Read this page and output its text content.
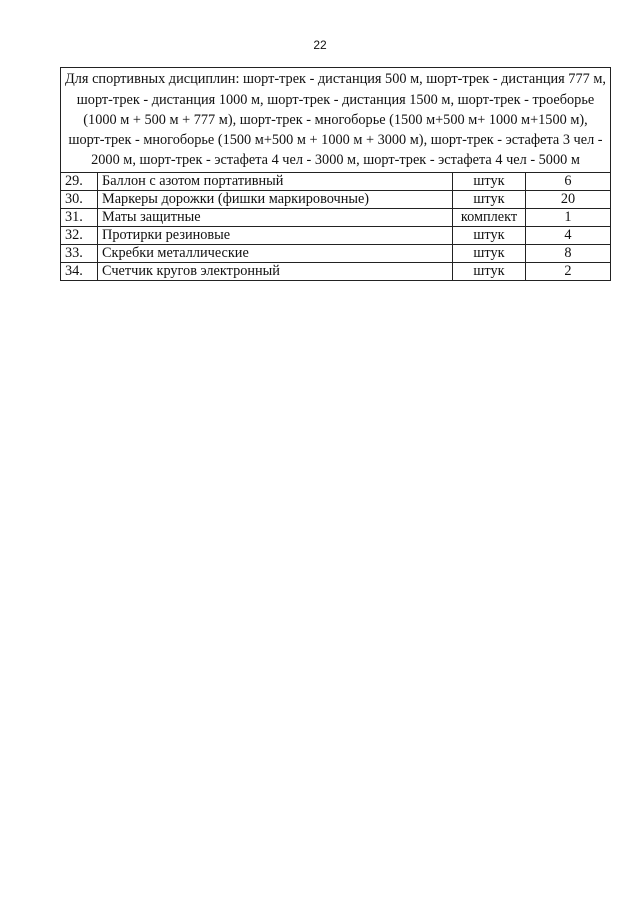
22
Для спортивных дисциплин: шорт-трек - дистанция 500 м, шорт-трек - дистанция 777 м, шорт-трек - дистанция 1000 м, шорт-трек - дистанция 1500 м, шорт-трек - троеборье (1000 м + 500 м + 777 м), шорт-трек - многоборье (1500 м+500 м+ 1000 м+1500 м), шорт-трек - многоборье (1500 м+500 м + 1000 м + 3000 м), шорт-трек - эстафета 3 чел - 2000 м, шорт-трек - эстафета 4 чел - 3000 м, шорт-трек - эстафета 4 чел - 5000 м			
29.	Баллон с азотом портативный	штук	6
30.	Маркеры дорожки (фишки маркировочные)	штук	20
31.	Маты защитные	комплект	1
32.	Протирки резиновые	штук	4
33.	Скребки металлические	штук	8
34.	Счетчик кругов электронный	штук	2
